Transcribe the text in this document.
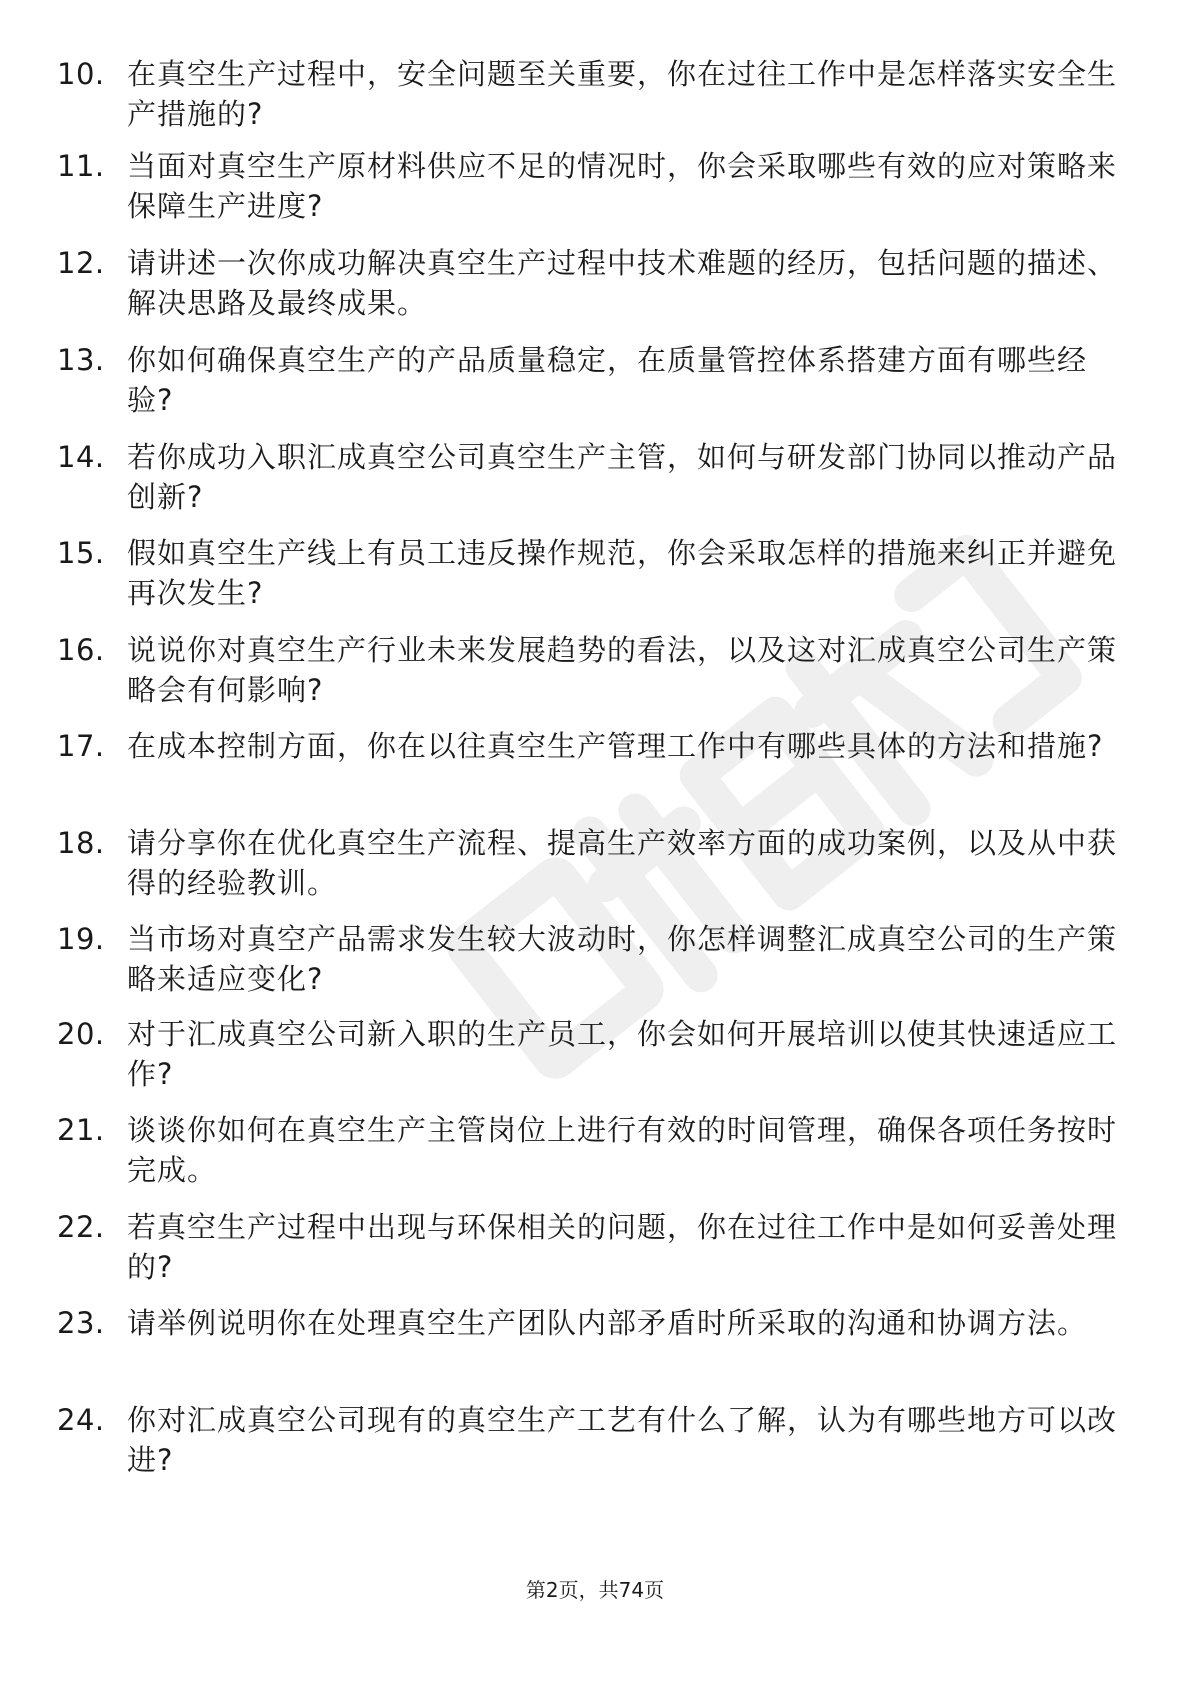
10. 在真空生产过程中，安全问题至关重要，你在过往工作中是怎样落实安全生产措施的?
11. 当面对真空生产原材料供应不足的情况时，你会采取哪些有效的应对策略来保障生产进度?
12. 请讲述一次你成功解决真空生产过程中技术难题的经历，包括问题的描述、解决思路及最终成果。
13. 你如何确保真空生产的产品质量稳定，在质量管控体系搭建方面有哪些经验?
14. 若你成功入职汇成真空公司真空生产主管，如何与研发部门协同以推动产品创新?
15. 假如真空生产线上有员工违反操作规范，你会采取怎样的措施来纠正并避免再次发生?
16. 说说你对真空生产行业未来发展趋势的看法，以及这对汇成真空公司生产策略会有何影响?
17. 在成本控制方面，你在以往真空生产管理工作中有哪些具体的方法和措施?
18. 请分享你在优化真空生产流程、提高生产效率方面的成功案例，以及从中获得的经验教训。
19. 当市场对真空产品需求发生较大波动时，你怎样调整汇成真空公司的生产策略来适应变化?
20. 对于汇成真空公司新入职的生产员工，你会如何开展培训以使其快速适应工作?
21. 谈谈你如何在真空生产主管岗位上进行有效的时间管理，确保各项任务按时完成。
22. 若真空生产过程中出现与环保相关的问题，你在过往工作中是如何妥善处理的?
23. 请举例说明你在处理真空生产团队内部矛盾时所采取的沟通和协调方法。
24. 你对汇成真空公司现有的真空生产工艺有什么了解，认为有哪些地方可以改进?
第2页，共74页
